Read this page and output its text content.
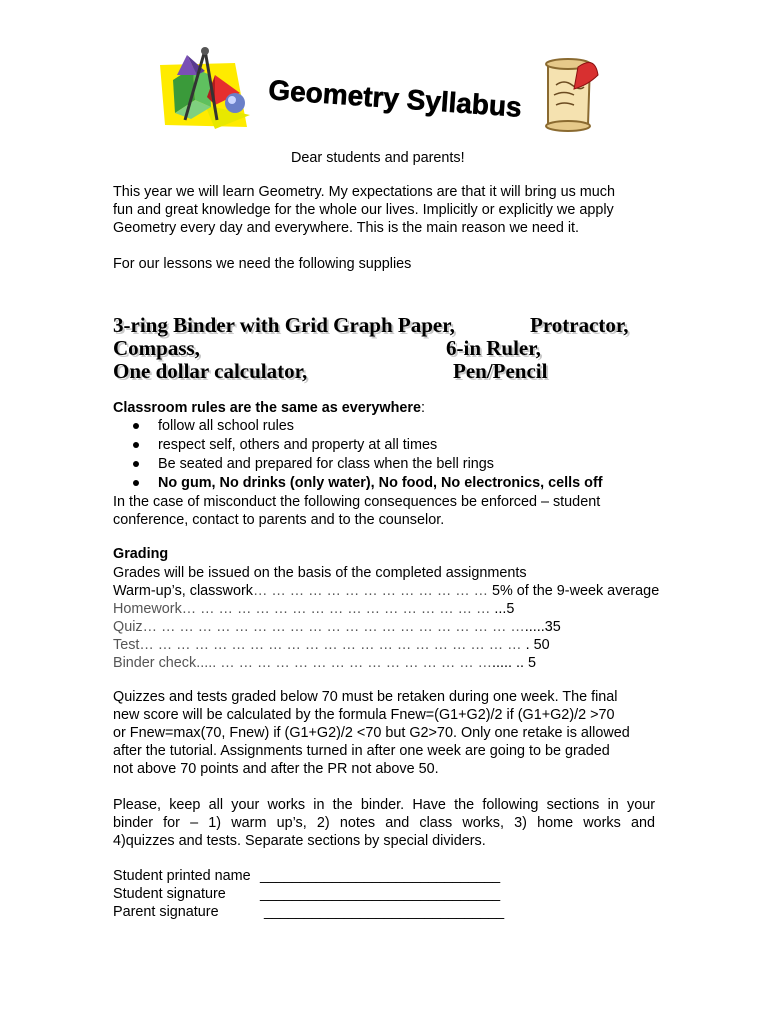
Geometry Syllabus
Dear students and parents!
This year we will learn Geometry. My expectations are that it will bring us much
fun and great knowledge for the whole our lives. Implicitly or explicitly we apply
Geometry every day and everywhere. This is the main reason we need it.
For our lessons we need the following supplies
3-ring Binder with Grid Graph Paper,	Protractor,
Compass,	6-in Ruler,
One dollar calculator,	Pen/Pencil
Classroom rules are the same as everywhere:
follow all school rules
respect self, others and property at all times
Be seated and prepared for class when the bell rings
No gum, No drinks (only water), No food, No electronics, cells off
In the case of misconduct the following consequences be enforced – student
conference, contact to parents and to the counselor.
Grading
Grades will be issued on the basis of the completed assignments
Warm-up’s, classwork… … … … … … … … … … … … … 5% of the 9-week average
Homework… … … … … … … … … … … … … … … … … ...5
Quiz… … … … … … … … … … … … … … … … … … … … ….....35
Test… … … … … … … … … … … … … … … … … … … … … . 50
Binder check..... … … … … … … … … … … … … … … …..... .. 5
Quizzes and tests graded below 70 must be retaken during one week. The final
new score will be calculated by the formula Fnew=(G1+G2)/2 if (G1+G2)/2 >70
or Fnew=max(70, Fnew) if (G1+G2)/2 <70 but G2>70. Only one retake is allowed
after the tutorial. Assignments turned in after one week are going to be graded
not above 70 points and after the PR not above 50.
Please, keep all your works in the binder. Have the following sections in your
binder for – 1) warm up’s, 2) notes and class works, 3) home works and
4)quizzes and tests. Separate sections by special dividers.
Student printed name ______________________________
Student signature ______________________________
Parent signature	______________________________
